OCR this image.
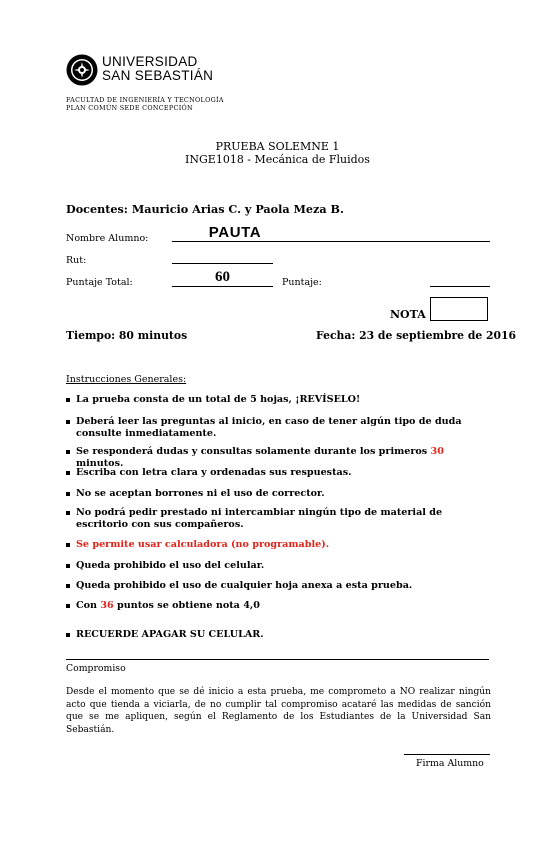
UNIVERSIDAD
SAN SEBASTIÁN
FACULTAD DE INGENIERÍA Y TECNOLOGÍA
PLAN COMÚN SEDE CONCEPCIÓN
PRUEBA SOLEMNE 1
INGE1018 - Mecánica de Fluidos
Docentes: Mauricio Arias C. y Paola Meza B.
Nombre Alumno:	PAUTA
Rut:
Puntaje Total:	60	Puntaje:
NOTA
Tiempo: 80 minutos	Fecha: 23 de septiembre de 2016
Instrucciones Generales:
La prueba consta de un total de 5 hojas, ¡REVÍSELO!
Deberá leer las preguntas al inicio, en caso de tener algún tipo de duda consulte inmediatamente.
Se responderá dudas y consultas solamente durante los primeros 30 minutos.
Escriba con letra clara y ordenadas sus respuestas.
No se aceptan borrones ni el uso de corrector.
No podrá pedir prestado ni intercambiar ningún tipo de material de escritorio con sus compañeros.
Se permite usar calculadora (no programable).
Queda prohibido el uso del celular.
Queda prohibido el uso de cualquier hoja anexa a esta prueba.
Con 36 puntos se obtiene nota 4,0
RECUERDE APAGAR SU CELULAR.
Compromiso
Desde el momento que se dé inicio a esta prueba, me comprometo a NO realizar ningún acto que tienda a viciarla, de no cumplir tal compromiso acataré las medidas de sanción que se me apliquen, según el Reglamento de los Estudiantes de la Universidad San Sebastián.
Firma Alumno
